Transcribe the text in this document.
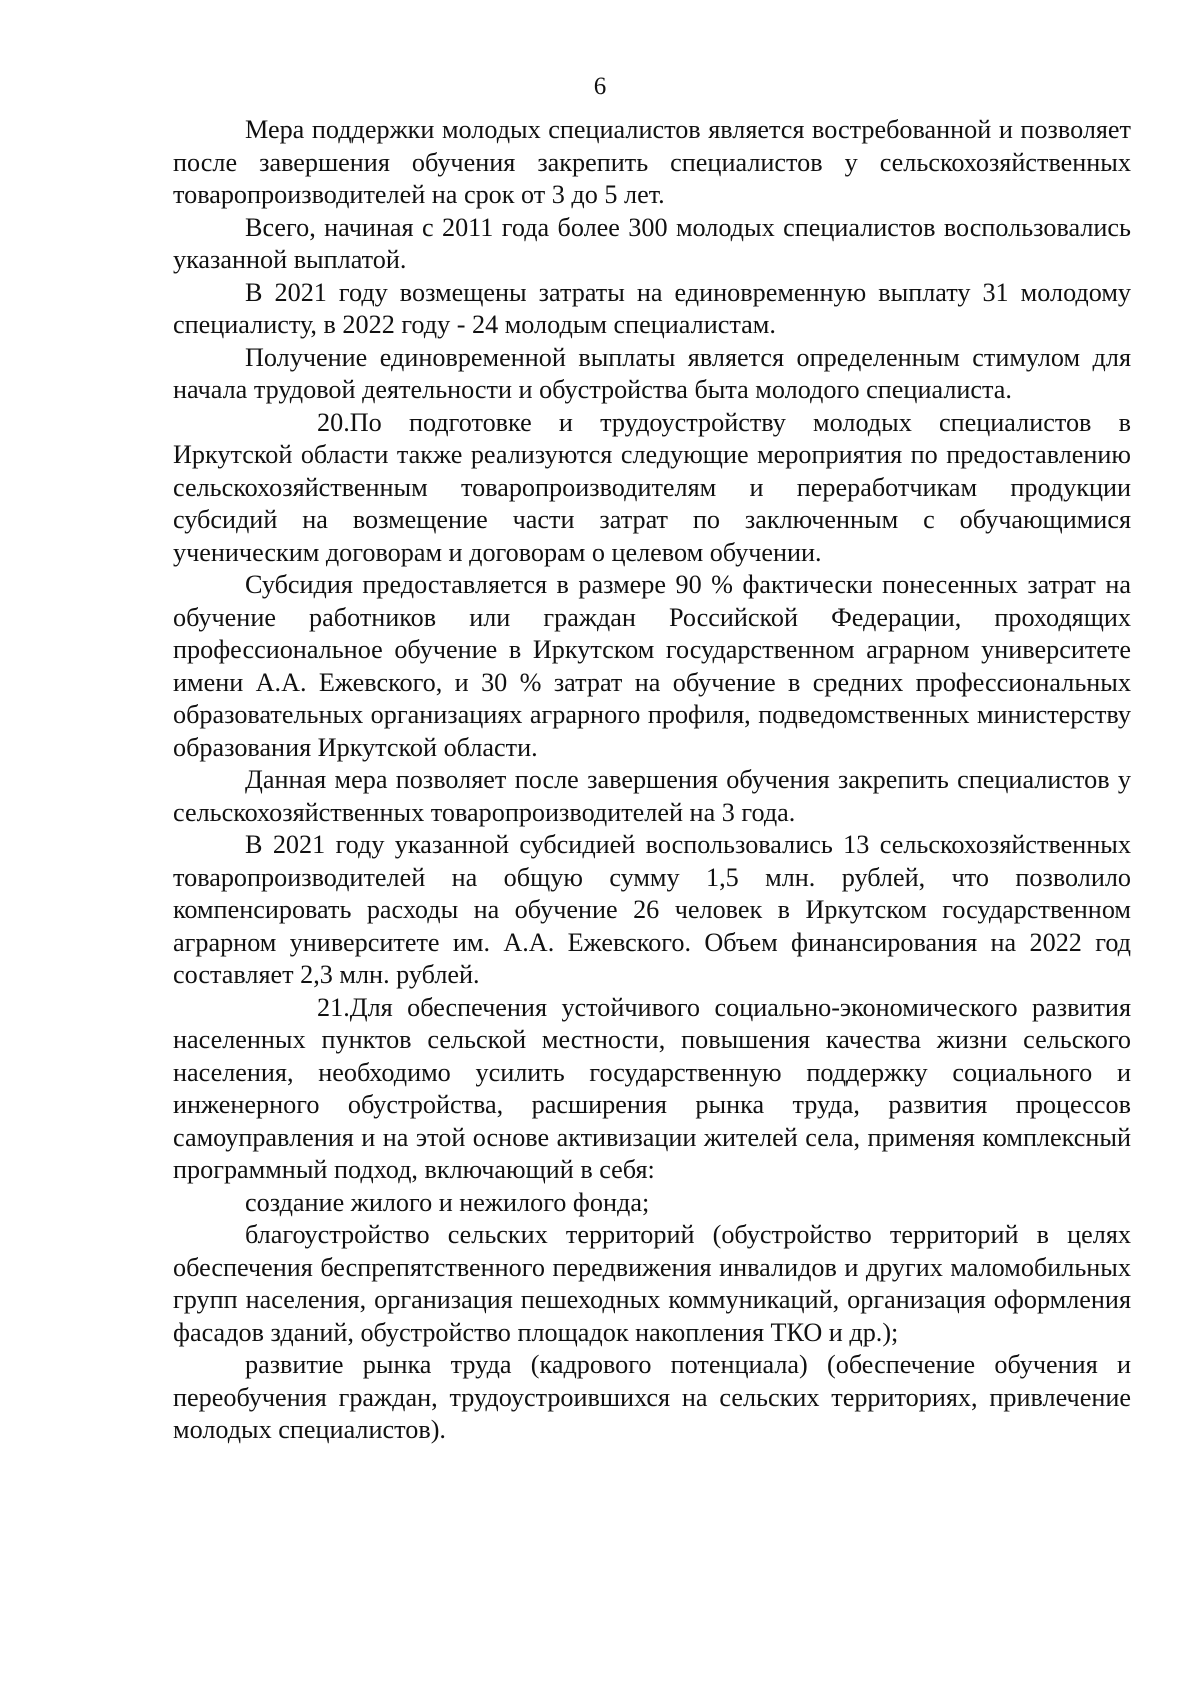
6

Мера поддержки молодых специалистов является востребованной и позволяет после завершения обучения закрепить специалистов у сельскохозяйственных товаропроизводителей на срок от 3 до 5 лет.

Всего, начиная с 2011 года более 300 молодых специалистов воспользовались указанной выплатой.

В 2021 году возмещены затраты на единовременную выплату 31 молодому специалисту, в 2022 году - 24 молодым специалистам.

Получение единовременной выплаты является определенным стимулом для начала трудовой деятельности и обустройства быта молодого специалиста.

20.По подготовке и трудоустройству молодых специалистов в Иркутской области также реализуются следующие мероприятия по предоставлению сельскохозяйственным товаропроизводителям и переработчикам продукции субсидий на возмещение части затрат по заключенным с обучающимися ученическим договорам и договорам о целевом обучении.

Субсидия предоставляется в размере 90 % фактически понесенных затрат на обучение работников или граждан Российской Федерации, проходящих профессиональное обучение в Иркутском государственном аграрном университете имени А.А. Ежевского, и 30 % затрат на обучение в средних профессиональных образовательных организациях аграрного профиля, подведомственных министерству образования Иркутской области.

Данная мера позволяет после завершения обучения закрепить специалистов у сельскохозяйственных товаропроизводителей на 3 года.

В 2021 году указанной субсидией воспользовались 13 сельскохозяйственных товаропроизводителей на общую сумму 1,5 млн. рублей, что позволило компенсировать расходы на обучение 26 человек в Иркутском государственном аграрном университете им. А.А. Ежевского. Объем финансирования на 2022 год составляет 2,3 млн. рублей.

21.Для обеспечения устойчивого социально-экономического развития населенных пунктов сельской местности, повышения качества жизни сельского населения, необходимо усилить государственную поддержку социального и инженерного обустройства, расширения рынка труда, развития процессов самоуправления и на этой основе активизации жителей села, применяя комплексный программный подход, включающий в себя:

создание жилого и нежилого фонда;

благоустройство сельских территорий (обустройство территорий в целях обеспечения беспрепятственного передвижения инвалидов и других маломобильных групп населения, организация пешеходных коммуникаций, организация оформления фасадов зданий, обустройство площадок накопления ТКО и др.);

развитие рынка труда (кадрового потенциала) (обеспечение обучения и переобучения граждан, трудоустроившихся на сельских территориях, привлечение молодых специалистов).
